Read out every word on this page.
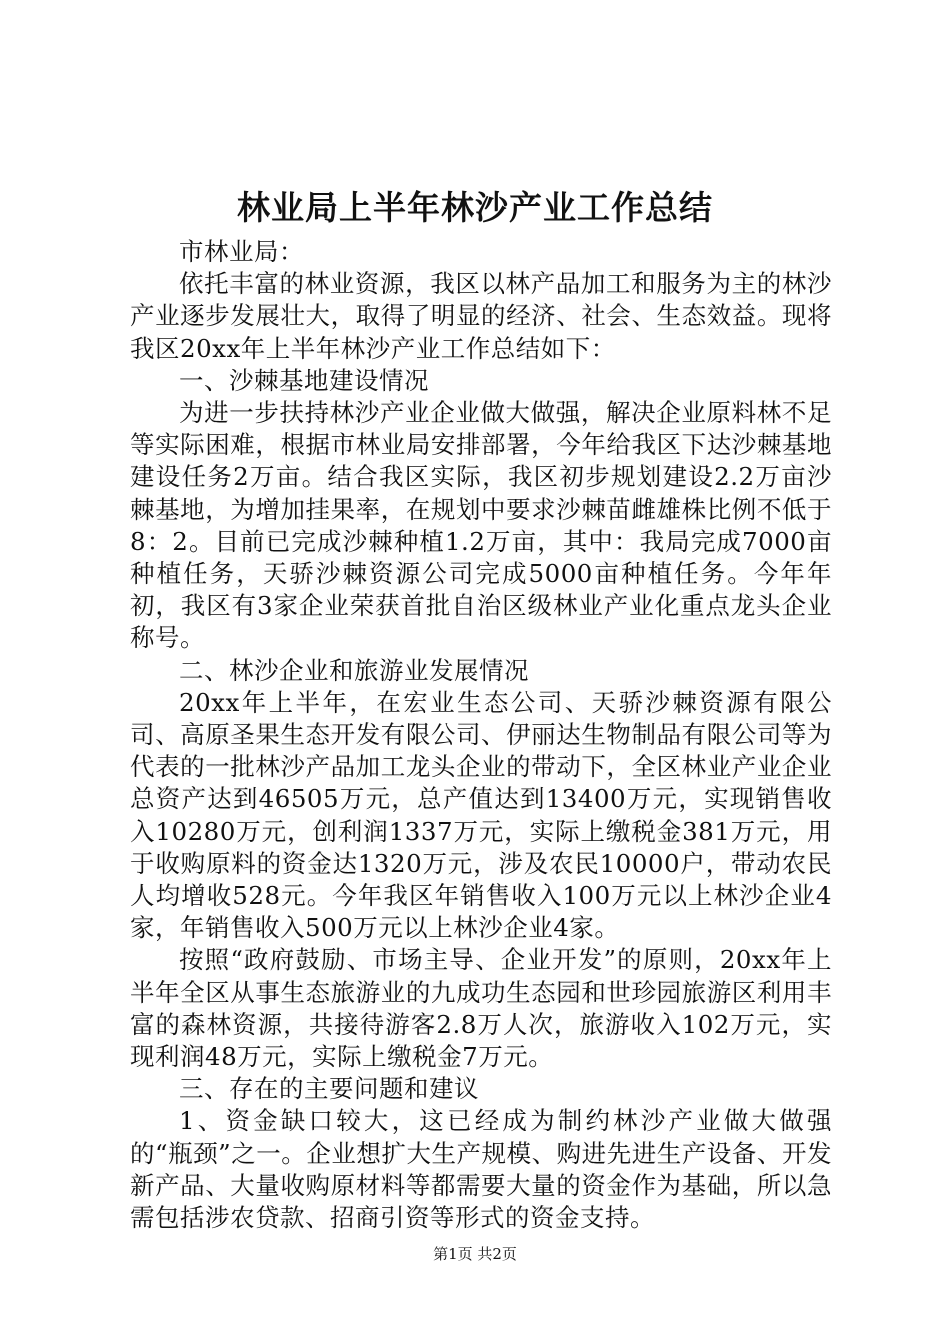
林业局上半年林沙产业工作总结

市林业局：

依托丰富的林业资源，我区以林产品加工和服务为主的林沙产业逐步发展壮大，取得了明显的经济、社会、生态效益。现将我区20xx年上半年林沙产业工作总结如下：

一、沙棘基地建设情况

为进一步扶持林沙产业企业做大做强，解决企业原料林不足等实际困难，根据市林业局安排部署，今年给我区下达沙棘基地建设任务2万亩。结合我区实际，我区初步规划建设2.2万亩沙棘基地，为增加挂果率，在规划中要求沙棘苗雌雄株比例不低于8：2。目前已完成沙棘种植1.2万亩，其中：我局完成7000亩种植任务，天骄沙棘资源公司完成5000亩种植任务。今年年初，我区有3家企业荣获首批自治区级林业产业化重点龙头企业称号。

二、林沙企业和旅游业发展情况

20xx年上半年，在宏业生态公司、天骄沙棘资源有限公司、高原圣果生态开发有限公司、伊丽达生物制品有限公司等为代表的一批林沙产品加工龙头企业的带动下，全区林业产业企业总资产达到46505万元，总产值达到13400万元，实现销售收入10280万元，创利润1337万元，实际上缴税金381万元，用于收购原料的资金达1320万元，涉及农民10000户，带动农民人均增收528元。今年我区年销售收入100万元以上林沙企业4家，年销售收入500万元以上林沙企业4家。

按照“政府鼓励、市场主导、企业开发”的原则，20xx年上半年全区从事生态旅游业的九成功生态园和世珍园旅游区利用丰富的森林资源，共接待游客2.8万人次，旅游收入102万元，实现利润48万元，实际上缴税金7万元。

三、存在的主要问题和建议

1、资金缺口较大，这已经成为制约林沙产业做大做强的“瓶颈”之一。企业想扩大生产规模、购进先进生产设备、开发新产品、大量收购原材料等都需要大量的资金作为基础，所以急需包括涉农贷款、招商引资等形式的资金支持。

第1页 共2页
